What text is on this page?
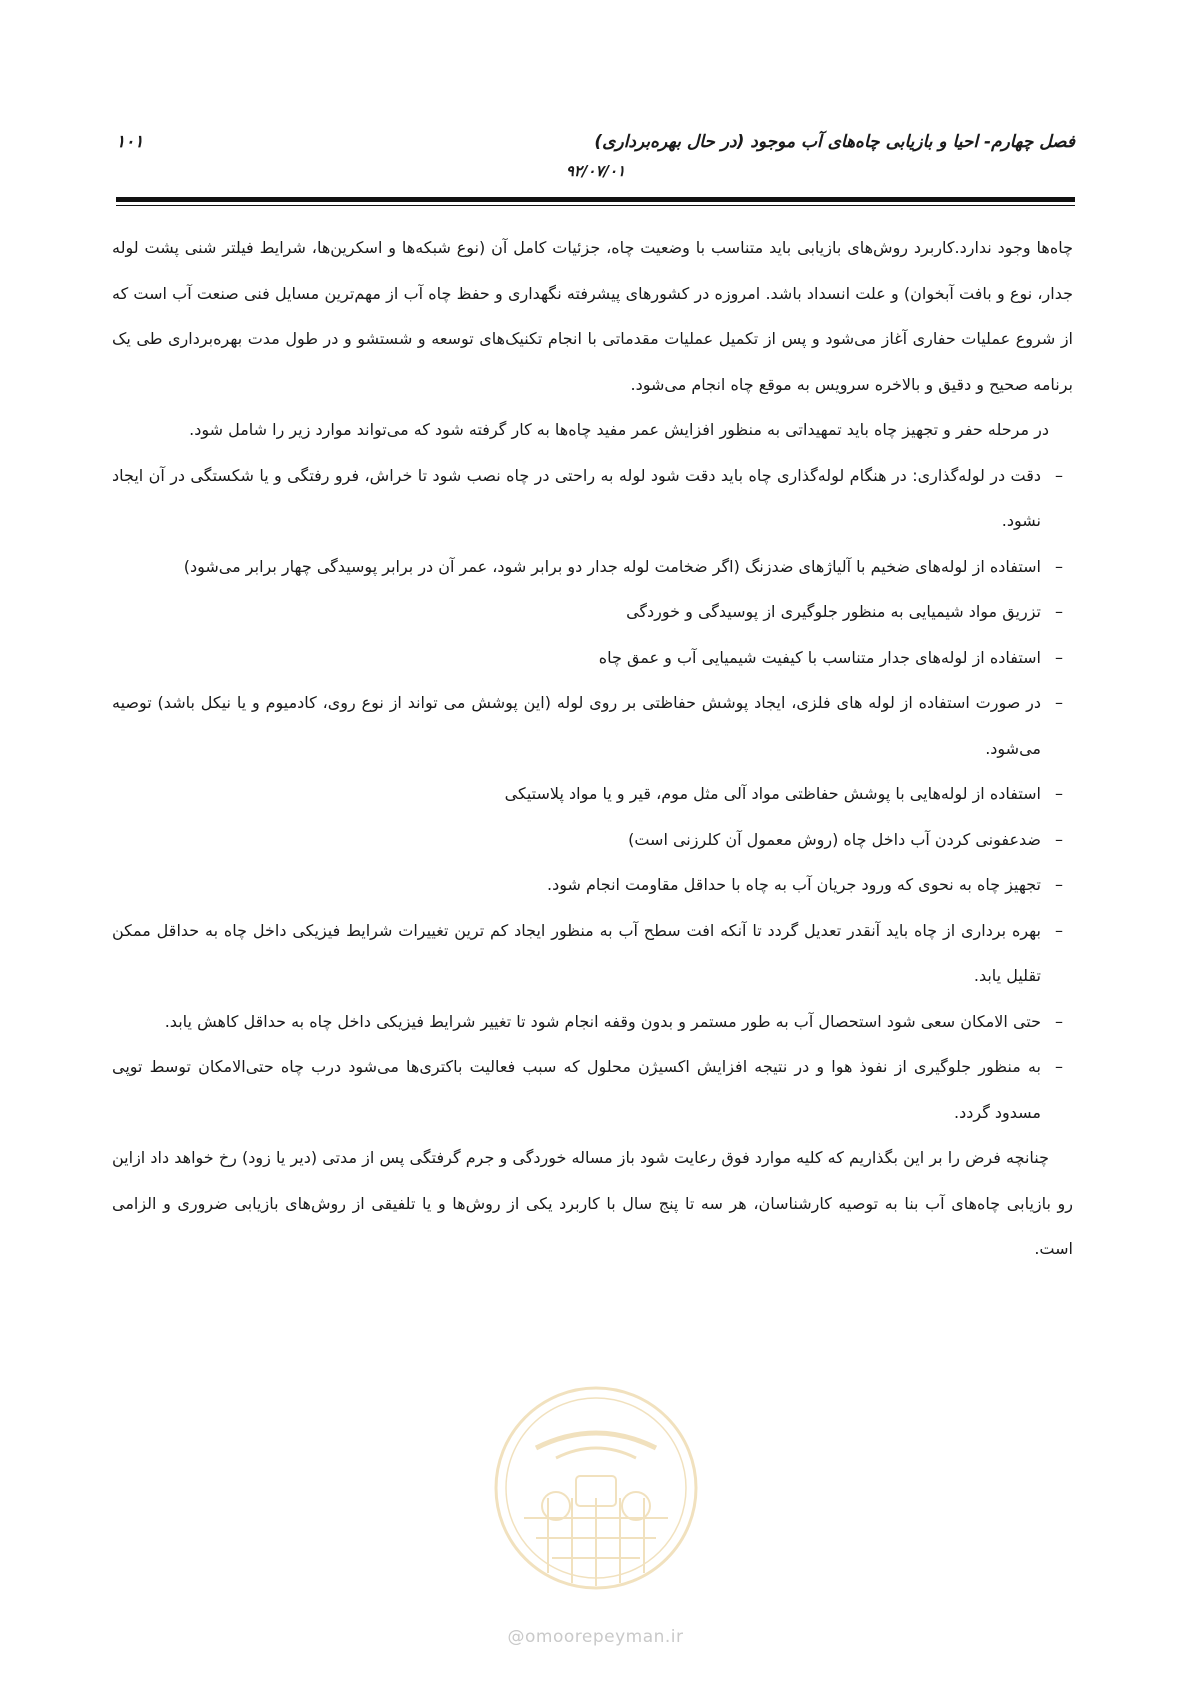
فصل چهارم- احیا و بازیابی چاه‌های آب موجود (در حال بهره‌برداری)
۱۰۱
۹۲/۰۷/۰۱

چاه‌ها وجود ندارد.کاربرد روش‌های بازیابی باید متناسب با وضعیت چاه، جزئیات کامل آن (نوع شبکه‌ها و اسکرین‌ها، شرایط فیلتر شنی پشت لوله جدار، نوع و بافت آبخوان) و علت انسداد باشد. امروزه در کشورهای پیشرفته نگهداری و حفظ چاه آب از مهم‌ترین مسایل فنی صنعت آب است که از شروع عملیات حفاری آغاز می‌شود و پس از تکمیل عملیات مقدماتی با انجام تکنیک‌های توسعه و شستشو و در طول مدت بهره‌برداری طی یک برنامه صحیح و دقیق و بالاخره سرویس به موقع چاه انجام می‌شود.

در مرحله حفر و تجهیز چاه باید تمهیداتی به منظور افزایش عمر مفید چاه‌ها به کار گرفته شود که می‌تواند موارد زیر را شامل شود.

–
دقت در لوله‌گذاری: در هنگام لوله‌گذاری چاه باید دقت شود لوله به راحتی در چاه نصب شود تا خراش، فرو رفتگی و یا شکستگی در آن ایجاد نشود.
–
استفاده از لوله‌های ضخیم با آلیاژهای ضدزنگ (اگر ضخامت لوله جدار دو برابر شود، عمر آن در برابر پوسیدگی چهار برابر می‌شود)
–
تزریق مواد شیمیایی به منظور جلوگیری از پوسیدگی و خوردگی
–
استفاده از لوله‌های جدار متناسب با کیفیت شیمیایی آب و عمق چاه
–
در صورت استفاده از لوله های فلزی، ایجاد پوشش حفاظتی بر روی لوله (این پوشش می تواند از نوع روی، کادمیوم و یا نیکل باشد) توصیه می‌شود.
–
استفاده از لوله‌هایی با پوشش حفاظتی مواد آلی مثل موم، قیر و یا مواد پلاستیکی
–
ضدعفونی کردن آب داخل چاه (روش معمول آن کلرزنی است)
–
تجهیز چاه به نحوی که ورود جریان آب به چاه با حداقل مقاومت انجام شود.
–
بهره برداری از چاه باید آنقدر تعدیل گردد تا آنکه افت سطح آب به منظور ایجاد کم ترین تغییرات شرایط فیزیکی داخل چاه به حداقل ممکن تقلیل یابد.
–
حتی الامکان سعی شود استحصال آب به طور مستمر و بدون وقفه انجام شود تا تغییر شرایط فیزیکی داخل چاه به حداقل کاهش یابد.
–
به منظور جلوگیری از نفوذ هوا و در نتیجه افزایش اکسیژن محلول که سبب فعالیت باکتری‌ها می‌شود درب چاه حتی‌الامکان توسط توپی مسدود گردد.

چنانچه فرض را بر این بگذاریم که کلیه موارد فوق رعایت شود باز مساله خوردگی و جرم گرفتگی پس از مدتی (دیر یا زود) رخ خواهد داد ازاین رو بازیابی چاه‌های آب بنا به توصیه کارشناسان، هر سه تا پنج سال با کاربرد یکی از روش‌ها و یا تلفیقی از روش‌های بازیابی ضروری و الزامی است.

@omoorepeyman.ir
